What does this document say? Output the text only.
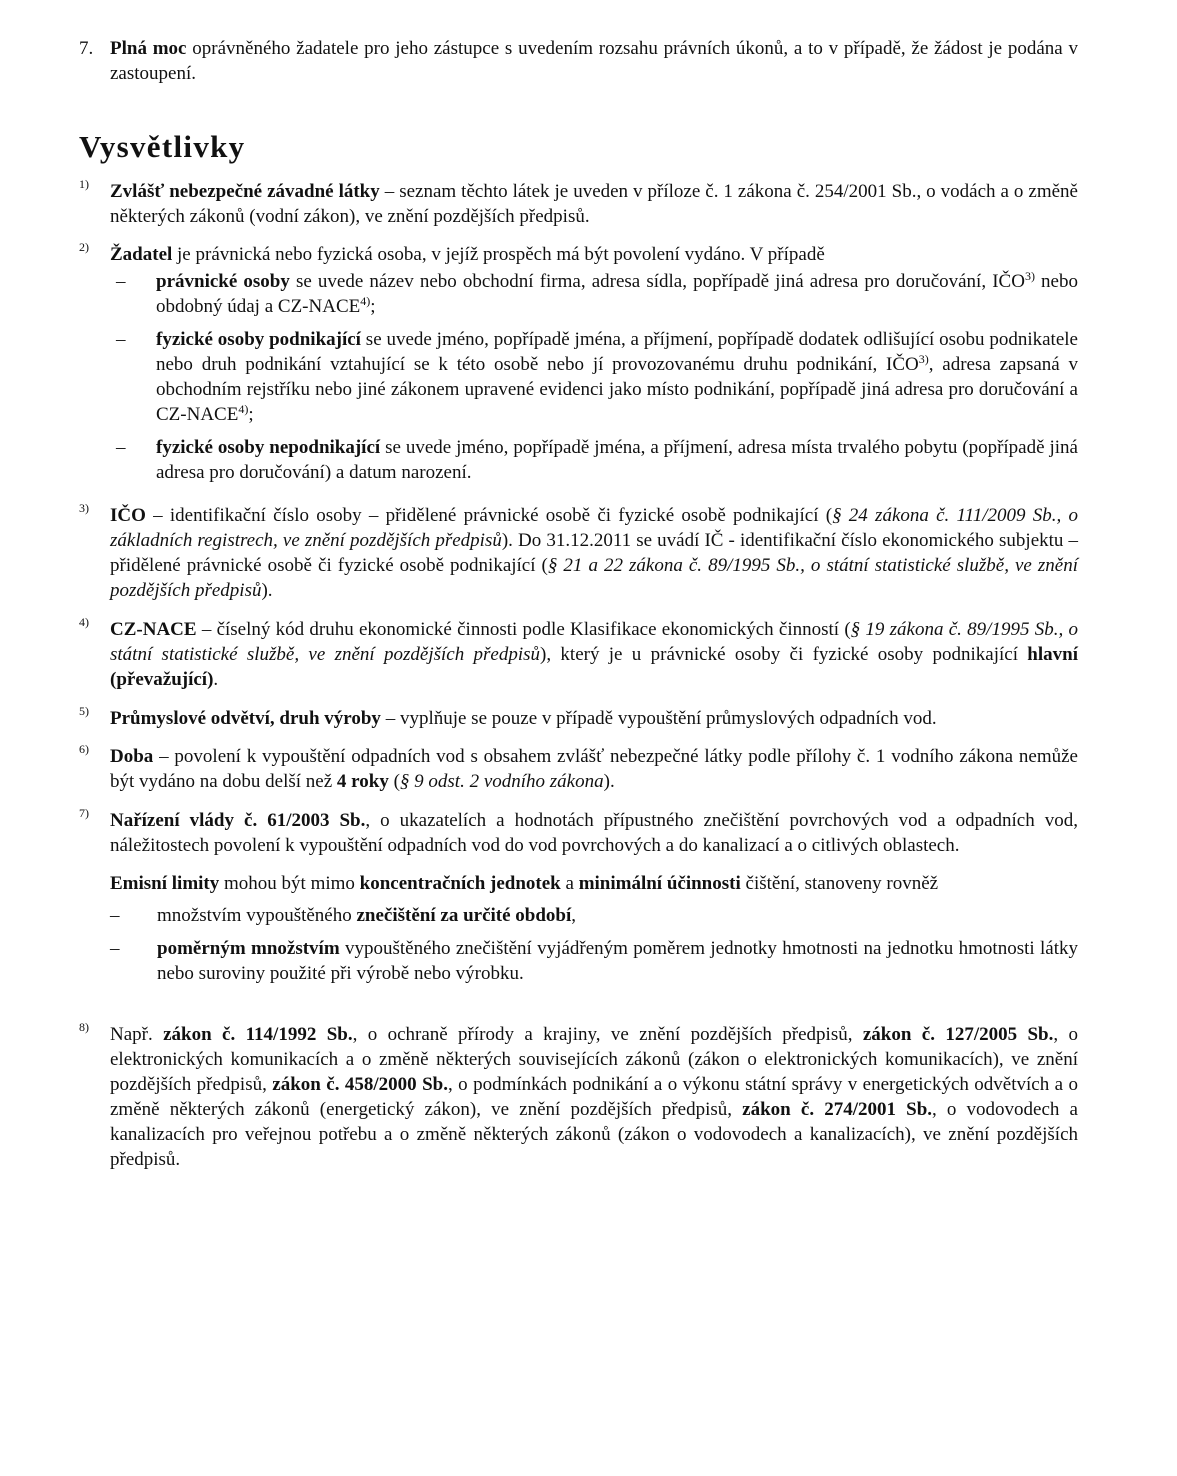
7. Plná moc oprávněného žadatele pro jeho zástupce s uvedením rozsahu právních úkonů, a to v případě, že žádost je podána v zastoupení.
Vysvětlivky
1) Zvlášť nebezpečné závadné látky – seznam těchto látek je uveden v příloze č. 1 zákona č. 254/2001 Sb., o vodách a o změně některých zákonů (vodní zákon), ve znění pozdějších předpisů.
2) Žadatel je právnická nebo fyzická osoba, v jejíž prospěch má být povolení vydáno. V případě
– právnické osoby se uvede název nebo obchodní firma, adresa sídla, popřípadě jiná adresa pro doručování, IČO$^{3)}$ nebo obdobný údaj a CZ-NACE$^{4)}$;
– fyzické osoby podnikající se uvede jméno, popřípadě jména, a příjmení, popřípadě dodatek odlišující osobu podnikatele nebo druh podnikání vztahující se k této osobě nebo jí provozovanému druhu podnikání, IČO$^{3)}$, adresa zapsaná v obchodním rejstříku nebo jiné zákonem upravené evidenci jako místo podnikání, popřípadě jiná adresa pro doručování a CZ-NACE$^{4)}$;
– fyzické osoby nepodnikající se uvede jméno, popřípadě jména, a příjmení, adresa místa trvalého pobytu (popřípadě jiná adresa pro doručování) a datum narození.
3) IČO – identifikační číslo osoby – přidělené právnické osobě či fyzické osobě podnikající (§ 24 zákona č. 111/2009 Sb., o základních registrech, ve znění pozdějších předpisů). Do 31.12.2011 se uvádí IČ - identifikační číslo ekonomického subjektu – přidělené právnické osobě či fyzické osobě podnikající (§ 21 a 22 zákona č. 89/1995 Sb., o státní statistické službě, ve znění pozdějších předpisů).
4) CZ-NACE – číselný kód druhu ekonomické činnosti podle Klasifikace ekonomických činností (§ 19 zákona č. 89/1995 Sb., o státní statistické službě, ve znění pozdějších předpisů), který je u právnické osoby či fyzické osoby podnikající hlavní (převažující).
5) Průmyslové odvětví, druh výroby – vyplňuje se pouze v případě vypouštění průmyslových odpadních vod.
6) Doba – povolení k vypouštění odpadních vod s obsahem zvlášť nebezpečné látky podle přílohy č. 1 vodního zákona nemůže být vydáno na dobu delší než 4 roky (§ 9 odst. 2 vodního zákona).
7) Nařízení vlády č. 61/2003 Sb., o ukazatelích a hodnotách přípustného znečištění povrchových vod a odpadních vod, náležitostech povolení k vypouštění odpadních vod do vod povrchových a do kanalizací a o citlivých oblastech.

Emisní limity mohou být mimo koncentračních jednotek a minimální účinnosti čištění, stanoveny rovněž

– množstvím vypouštěného znečištění za určité období,
– poměrným množstvím vypouštěného znečištění vyjádřeným poměrem jednotky hmotnosti na jednotku hmotnosti látky nebo suroviny použité při výrobě nebo výrobku.
8) Např. zákon č. 114/1992 Sb., o ochraně přírody a krajiny, ve znění pozdějších předpisů, zákon č. 127/2005 Sb., o elektronických komunikacích a o změně některých souvisejících zákonů (zákon o elektronických komunikacích), ve znění pozdějších předpisů, zákon č. 458/2000 Sb., o podmínkách podnikání a o výkonu státní správy v energetických odvětvích a o změně některých zákonů (energetický zákon), ve znění pozdějších předpisů, zákon č. 274/2001 Sb., o vodovodech a kanalizacích pro veřejnou potřebu a o změně některých zákonů (zákon o vodovodech a kanalizacích), ve znění pozdějších předpisů.
